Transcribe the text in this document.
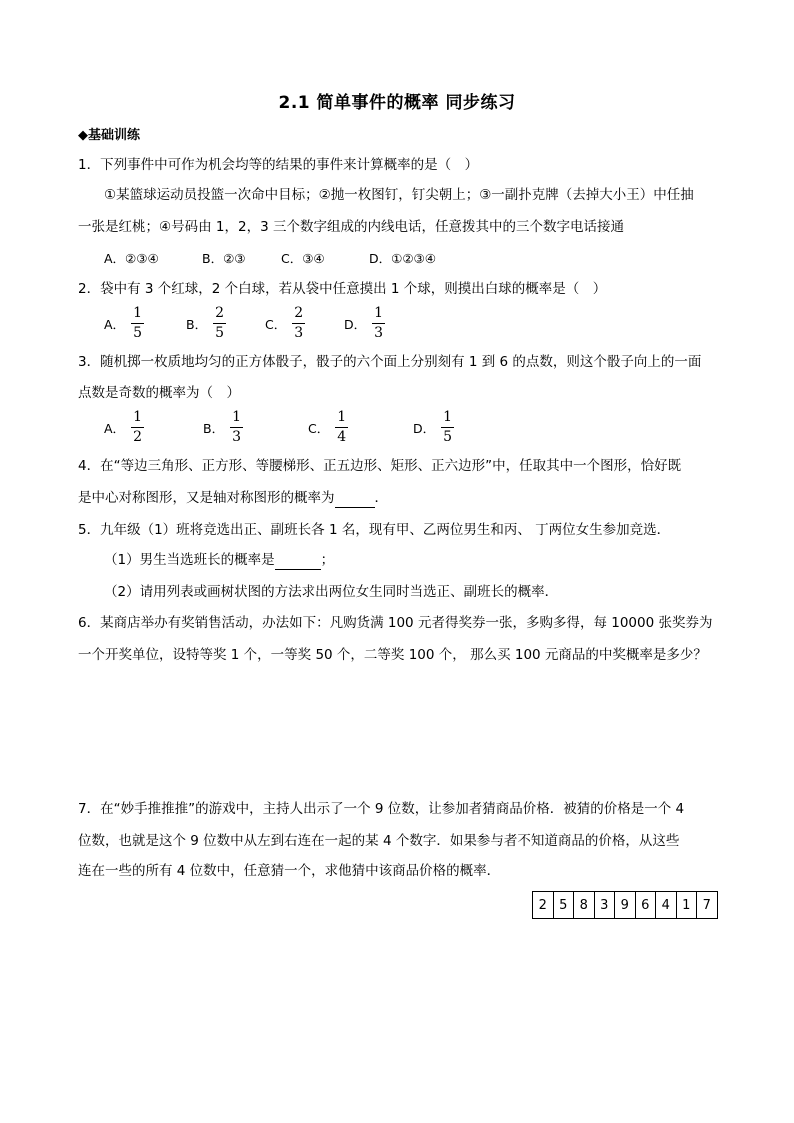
2.1 简单事件的概率 同步练习
◆基础训练
1．下列事件中可作为机会均等的结果的事件来计算概率的是（　）
①某篮球运动员投篮一次命中目标；②抛一枚图钉，钉尖朝上；③一副扑克牌（去掉大小王）中任抽
一张是红桃；④号码由 1，2，3 三个数字组成的内线电话，任意拨其中的三个数字电话接通
A．②③④	B．②③	C．③④	D．①②③④
2．袋中有 3 个红球，2 个白球，若从袋中任意摸出 1 个球，则摸出白球的概率是（　）
A． $\frac{1}{5}$	B． $\frac{2}{5}$	C． $\frac{2}{3}$	D． $\frac{1}{3}$
3．随机掷一枚质地均匀的正方体骰子，骰子的六个面上分别刻有 1 到 6 的点数，则这个骰子向上的一面
点数是奇数的概率为（　）
A． $\frac{1}{2}$	B． $\frac{1}{3}$	C． $\frac{1}{4}$	D． $\frac{1}{5}$
4．在“等边三角形、正方形、等腰梯形、正五边形、矩形、正六边形”中，任取其中一个图形，恰好既
是中心对称图形，又是轴对称图形的概率为	．
5．九年级（1）班将竞选出正、副班长各 1 名，现有甲、乙两位男生和丙、 丁两位女生参加竞选．
（1）男生当选班长的概率是	；
（2）请用列表或画树状图的方法求出两位女生同时当选正、副班长的概率．
6．某商店举办有奖销售活动，办法如下：凡购货满 100 元者得奖券一张，多购多得，每 10000 张奖券为
一个开奖单位，设特等奖 1 个，一等奖 50 个，二等奖 100 个， 那么买 100 元商品的中奖概率是多少？
7．在“妙手推推推”的游戏中，主持人出示了一个 9 位数，让参加者猜商品价格．被猜的价格是一个 4
位数，也就是这个 9 位数中从左到右连在一起的某 4 个数字．如果参与者不知道商品的价格，从这些
连在一些的所有 4 位数中，任意猜一个，求他猜中该商品价格的概率．
2	5	8	3	9	6	4	1	7
